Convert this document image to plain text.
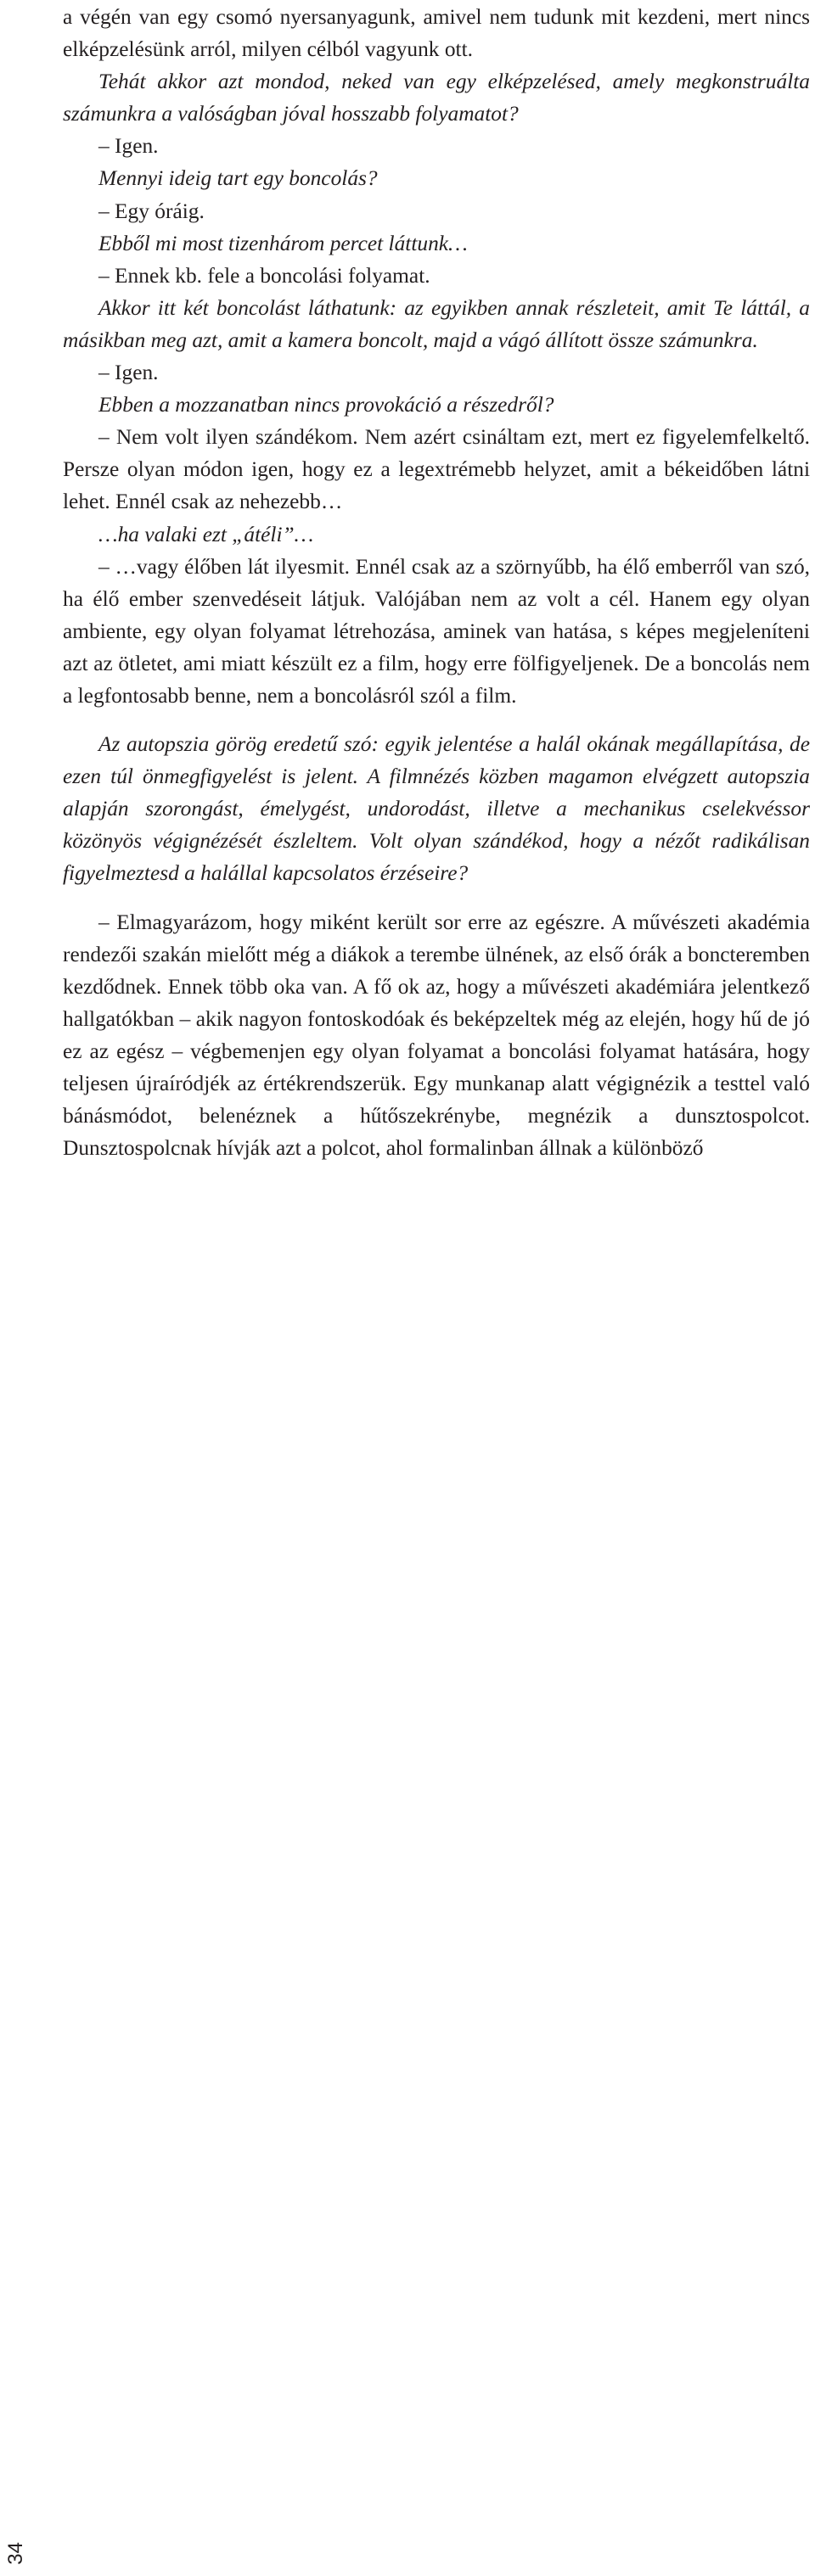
a végén van egy csomó nyersanyagunk, amivel nem tudunk mit kezdeni, mert nincs elképzelésünk arról, milyen célból vagyunk ott.

Tehát akkor azt mondod, neked van egy elképzelésed, amely megkonstruálta számunkra a valóságban jóval hosszabb folyamatot?

– Igen.

Mennyi ideig tart egy boncolás?

– Egy óráig.

Ebből mi most tizenhárom percet láttunk…

– Ennek kb. fele a boncolási folyamat.

Akkor itt két boncolást láthatunk: az egyikben annak részleteit, amit Te láttál, a másikban meg azt, amit a kamera boncolt, majd a vágó állított össze számunkra.

– Igen.

Ebben a mozzanatban nincs provokáció a részedről?

– Nem volt ilyen szándékom. Nem azért csináltam ezt, mert ez figyelemfelkeltő. Persze olyan módon igen, hogy ez a legextrémebb helyzet, amit a békeidőben látni lehet. Ennél csak az nehezebb…

…ha valaki ezt „átéli”…

– …vagy élőben lát ilyesmit. Ennél csak az a szörnyűbb, ha élő emberről van szó, ha élő ember szenvedéseit látjuk. Valójában nem az volt a cél. Hanem egy olyan ambiente, egy olyan folyamat létrehozása, aminek van hatása, s képes megjeleníteni azt az ötletet, ami miatt készült ez a film, hogy erre fölfigyeljenek. De a boncolás nem a legfontosabb benne, nem a boncolásról szól a film.

Az autopszia görög eredetű szó: egyik jelentése a halál okának megállapítása, de ezen túl önmegfigyelést is jelent. A filmnézés közben magamon elvégzett autopszia alapján szorongást, émelygést, undorodást, illetve a mechanikus cselekvéssor közönyös végignézését észleltem. Volt olyan szándékod, hogy a nézőt radikálisan figyelmeztesd a halállal kapcsolatos érzéseire?

– Elmagyarázom, hogy miként került sor erre az egészre. A művészeti akadémia rendezői szakán mielőtt még a diákok a terembe ülnének, az első órák a boncteremben kezdődnek. Ennek több oka van. A fő ok az, hogy a művészeti akadémiára jelentkező hallgatókban – akik nagyon fontoskodóak és beképzeltek még az elején, hogy hű de jó ez az egész – végbemenjen egy olyan folyamat a boncolási folyamat hatására, hogy teljesen újraíródjék az értékrendszerük. Egy munkanap alatt végignézik a testtel való bánásmódot, belenéznek a hűtőszekrénybe, megnézik a dunsztospolcot. Dunsztospolcnak hívják azt a polcot, ahol formalinban állnak a különböző

34
